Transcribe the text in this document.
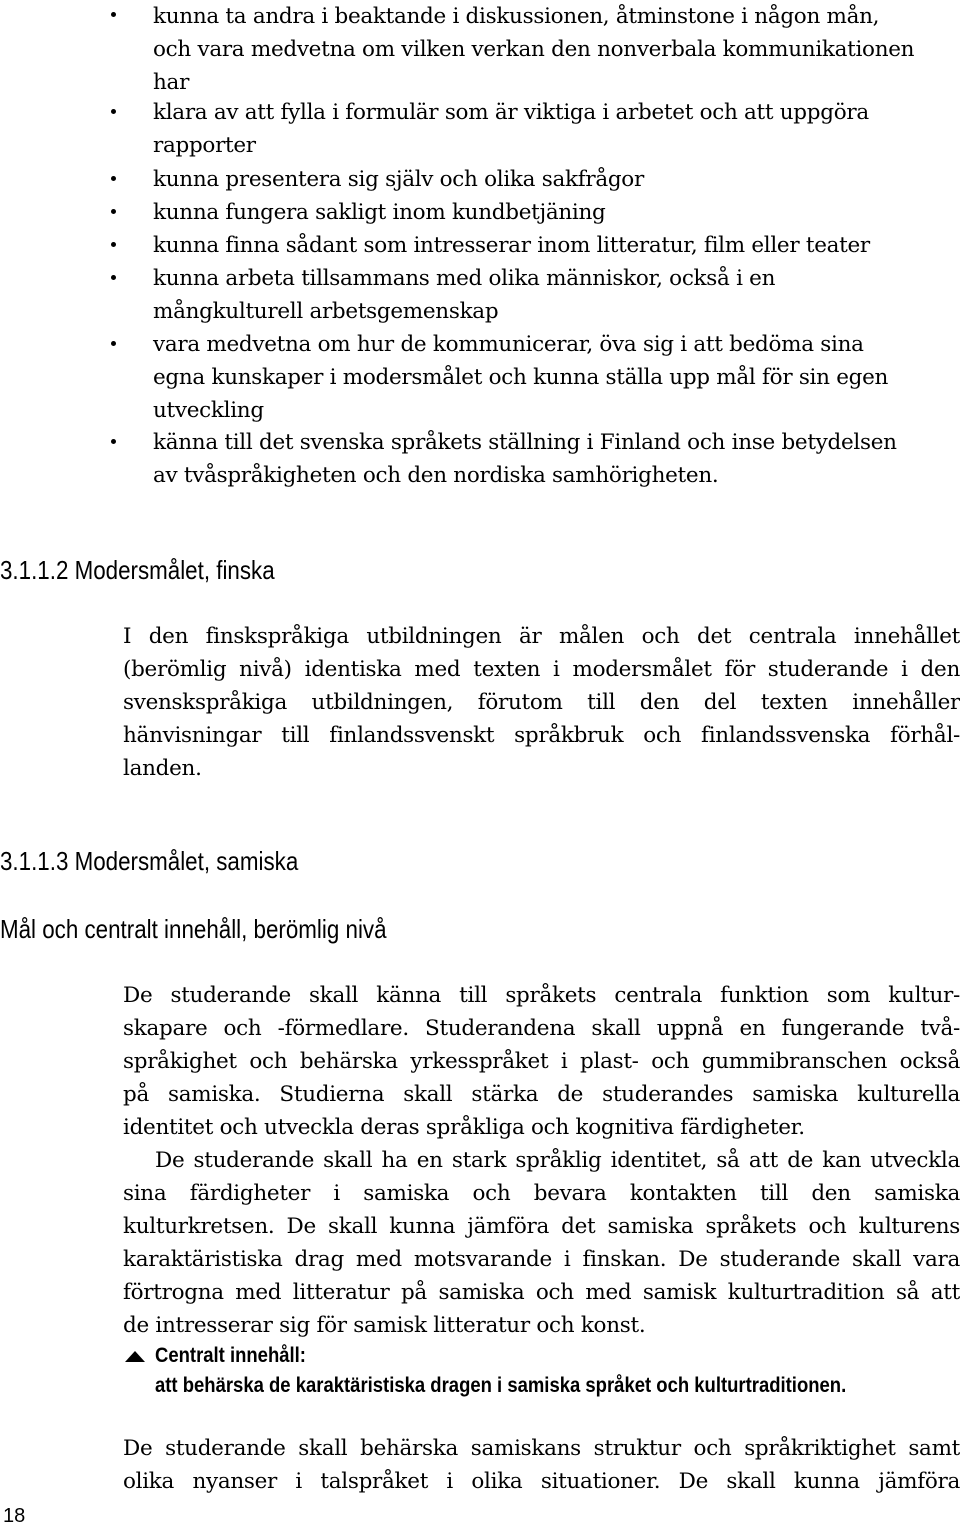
kunna ta andra i beaktande i diskussionen, åtminstone i någon mån,
och vara medvetna om vilken verkan den nonverbala kommunikationen
har
klara av att fylla i formulär som är viktiga i arbetet och att uppgöra
rapporter
kunna presentera sig själv och olika sakfrågor
kunna fungera sakligt inom kundbetjäning
kunna finna sådant som intresserar inom litteratur, film eller teater
kunna arbeta tillsammans med olika människor, också i en
mångkulturell arbetsgemenskap
vara medvetna om hur de kommunicerar, öva sig i att bedöma sina
egna kunskaper i modersmålet och kunna ställa upp mål för sin egen
utveckling
känna till det svenska språkets ställning i Finland och inse betydelsen
av tvåspråkigheten och den nordiska samhörigheten.
3.1.1.2 Modersmålet, finska
I den finskspråkiga utbildningen är målen och det centrala innehållet
(berömlig nivå) identiska med texten i modersmålet för studerande i den
svenskspråkiga utbildningen, förutom till den del texten innehåller
hänvisningar till finlandssvenskt språkbruk och finlandssvenska förhål-
landen.
3.1.1.3 Modersmålet, samiska
Mål och centralt innehåll, berömlig nivå
De studerande skall känna till språkets centrala funktion som kultur-
skapare och -förmedlare. Studerandena skall uppnå en fungerande två-
språkighet och behärska yrkesspråket i plast- och gummibranschen också
på samiska. Studierna skall stärka de studerandes samiska kulturella
identitet och utveckla deras språkliga och kognitiva färdigheter.
De studerande skall ha en stark språklig identitet, så att de kan utveckla
sina färdigheter i samiska och bevara kontakten till den samiska
kulturkretsen. De skall kunna jämföra det samiska språkets och kulturens
karaktäristiska drag med motsvarande i finskan. De studerande skall vara
förtrogna med litteratur på samiska och med samisk kulturtradition så att
de intresserar sig för samisk litteratur och konst.
Centralt innehåll:
att behärska de karaktäristiska dragen i samiska språket och kulturtraditionen.
De studerande skall behärska samiskans struktur och språkriktighet samt
olika nyanser i talspråket i olika situationer. De skall kunna jämföra
18
